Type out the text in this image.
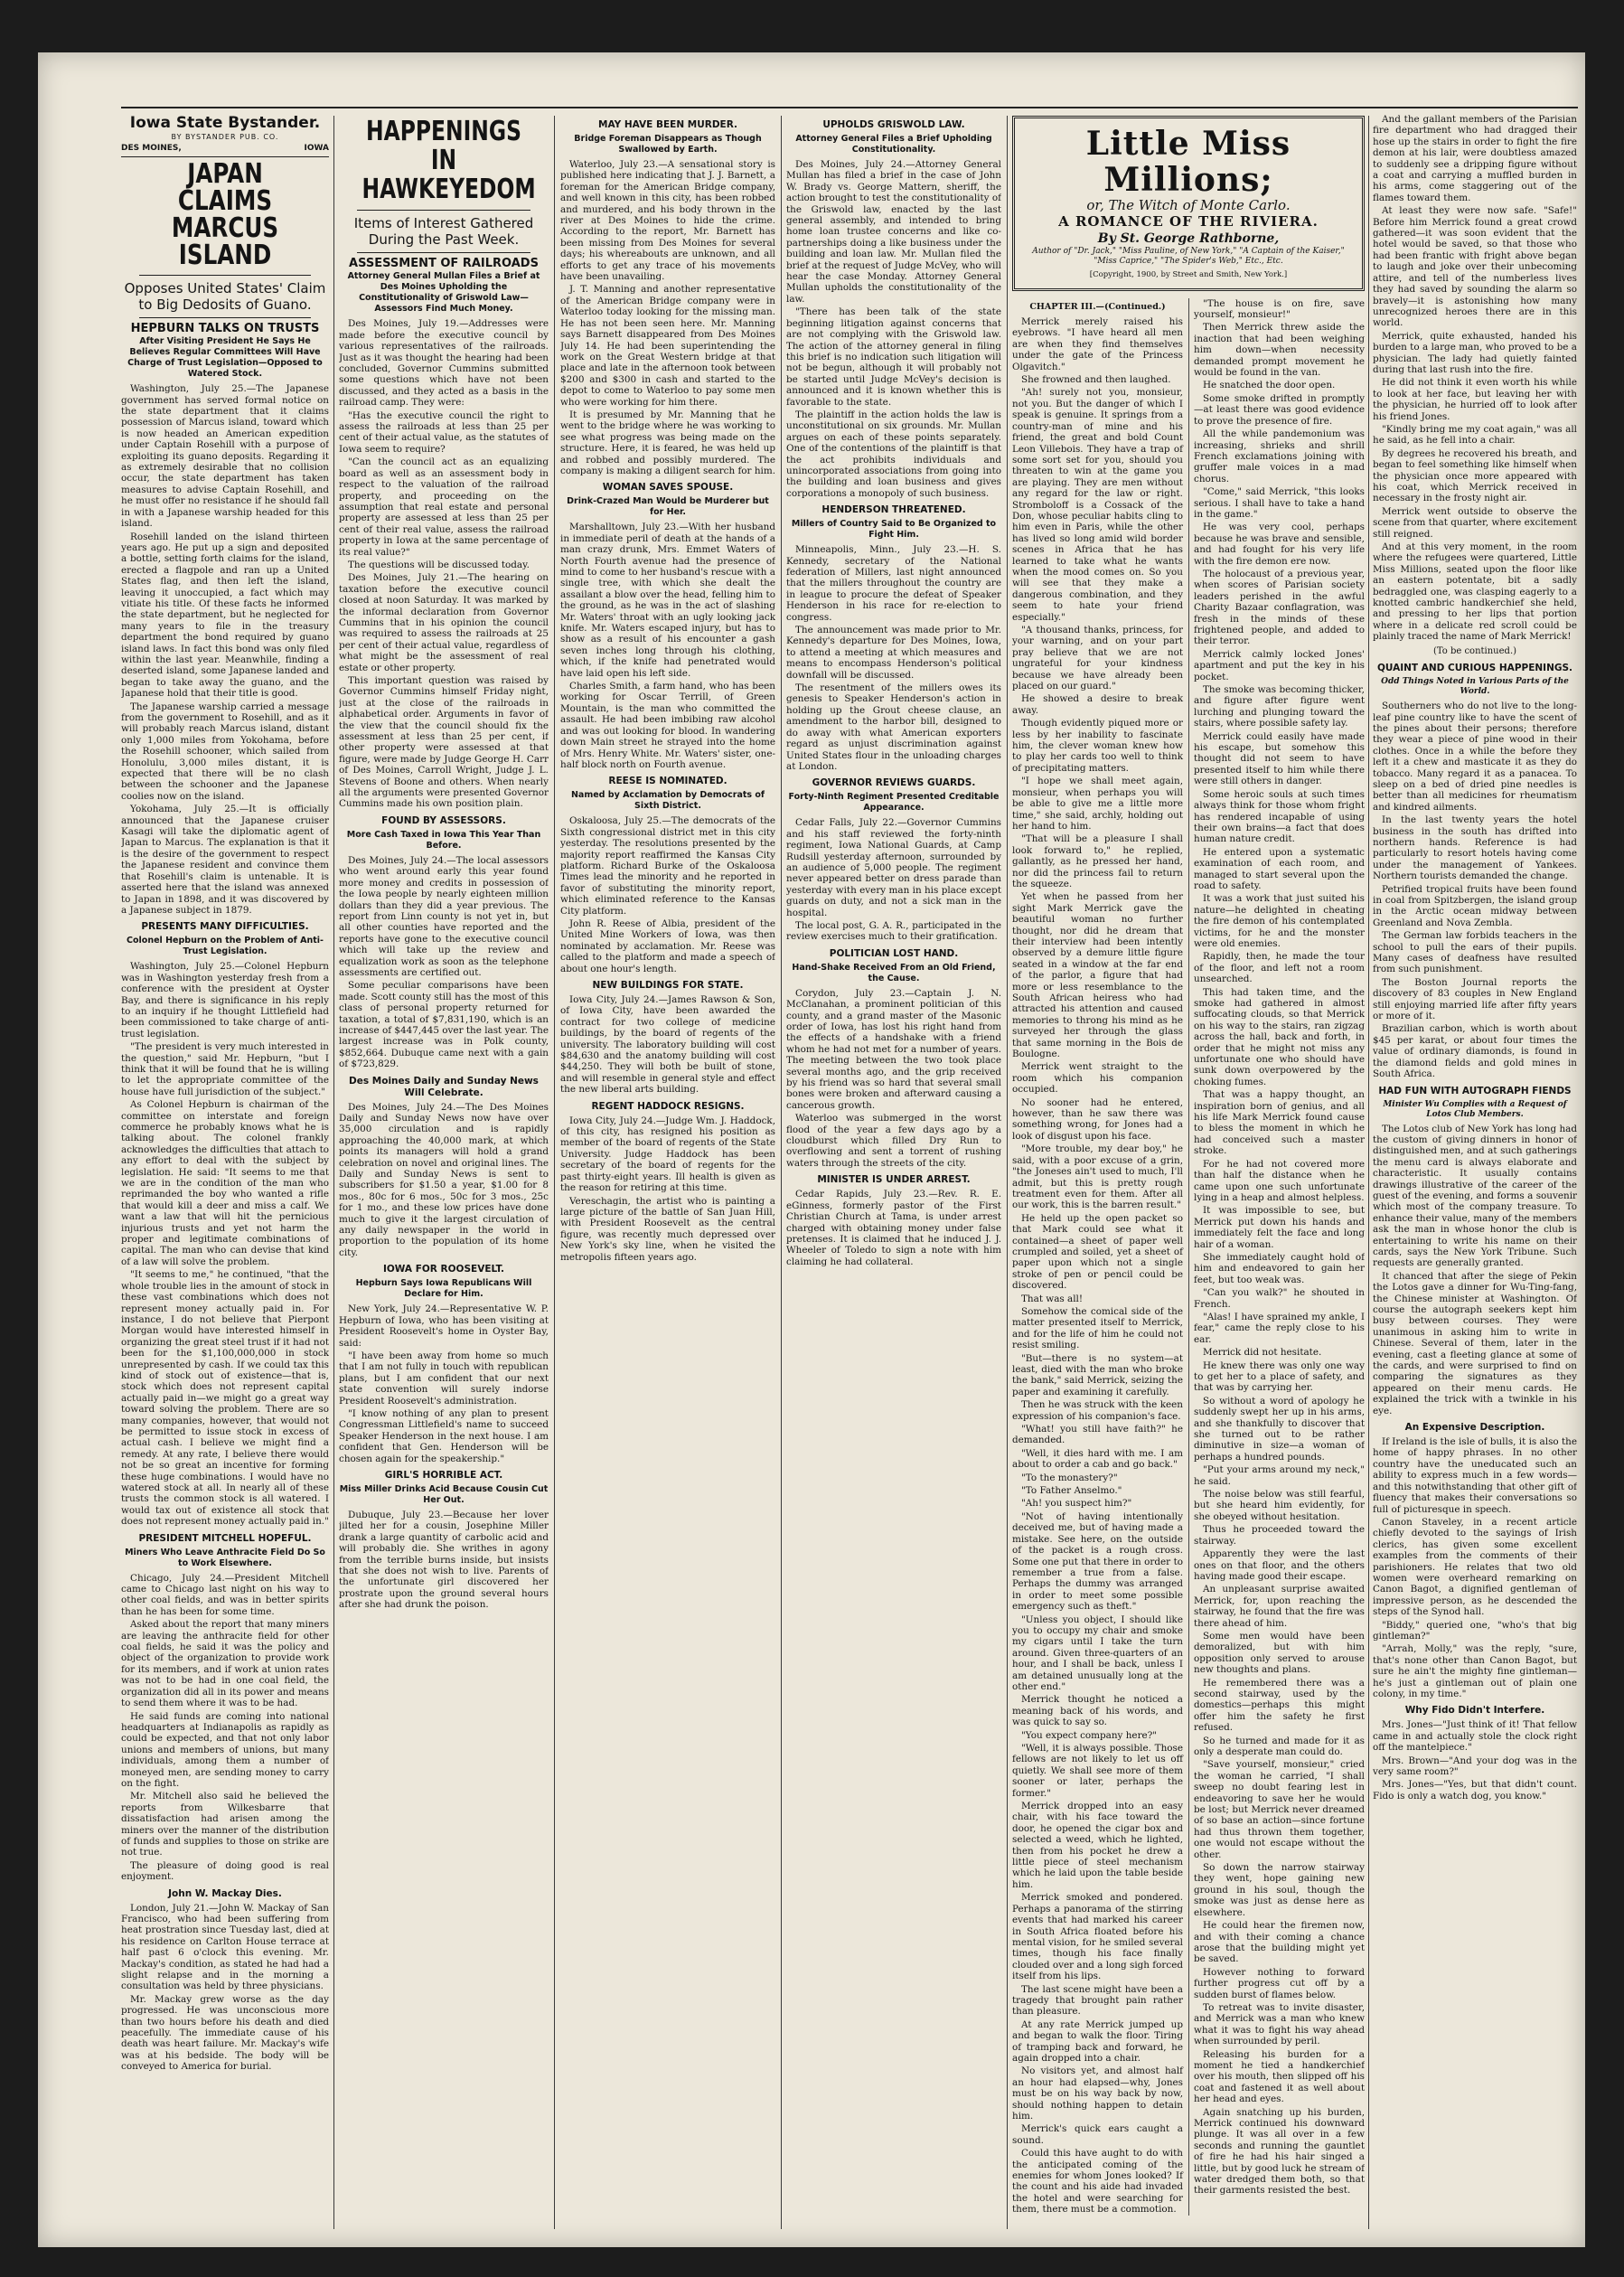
Iowa State Bystander.
BY BYSTANDER PUB. CO.
DES MOINES,	IOWA
JAPAN CLAIMS MARCUS ISLAND
Opposes United States' Claim to Big Dedosits of Guano.
HEPBURN TALKS ON TRUSTS
After Visiting President He Says He Believes Regular Committees Will Have Charge of Trust Legislation—Opposed to Watered Stock.

Washington, July 25.—The Japanese government has served formal notice on the state department that it claims possession of Marcus island, toward which is now headed an American expedition under Captain Rosehill with a purpose of exploiting its guano deposits. Regarding it as extremely desirable that no collision occur, the state department has taken measures to advise Captain Rosehill, and he must offer no resistance if he should fall in with a Japanese warship headed for this island.

Rosehill landed on the island thirteen years ago. He put up a sign and deposited a bottle, setting forth claims for the island, erected a flagpole and ran up a United States flag, and then left the island, leaving it unoccupied, a fact which may vitiate his title. Of these facts he informed the state department, but he neglected for many years to file in the treasury department the bond required by guano island laws. In fact this bond was only filed within the last year. Meanwhile, finding a deserted island, some Japanese landed and began to take away the guano, and the Japanese hold that their title is good.

The Japanese warship carried a message from the government to Rosehill, and as it will probably reach Marcus island, distant only 1,000 miles from Yokohama, before the Rosehill schooner, which sailed from Honolulu, 3,000 miles distant, it is expected that there will be no clash between the schooner and the Japanese coolies now on the island.

Yokohama, July 25.—It is officially announced that the Japanese cruiser Kasagi will take the diplomatic agent of Japan to Marcus. The explanation is that it is the desire of the government to respect the Japanese resident and convince them that Rosehill's claim is untenable. It is asserted here that the island was annexed to Japan in 1898, and it was discovered by a Japanese subject in 1879.

PRESENTS MANY DIFFICULTIES.
Colonel Hepburn on the Problem of Anti-Trust Legislation.

Washington, July 25.—Colonel Hepburn was in Washington yesterday fresh from a conference with the president at Oyster Bay, and there is significance in his reply to an inquiry if he thought Littlefield had been commissioned to take charge of anti-trust legislation.

"The president is very much interested in the question," said Mr. Hepburn, "but I think that it will be found that he is willing to let the appropriate committee of the house have full jurisdiction of the subject."

As Colonel Hepburn is chairman of the committee on interstate and foreign commerce he probably knows what he is talking about. The colonel frankly acknowledges the difficulties that attach to any effort to deal with the subject by legislation. He said: "It seems to me that we are in the condition of the man who reprimanded the boy who wanted a rifle that would kill a deer and miss a calf. We want a law that will hit the pernicious injurious trusts and yet not harm the proper and legitimate combinations of capital. The man who can devise that kind of a law will solve the problem.

"It seems to me," he continued, "that the whole trouble lies in the amount of stock in these vast combinations which does not represent money actually paid in. For instance, I do not believe that Pierpont Morgan would have interested himself in organizing the great steel trust if it had not been for the $1,100,000,000 in stock unrepresented by cash. If we could tax this kind of stock out of existence—that is, stock which does not represent capital actually paid in—we might go a great way toward solving the problem. There are so many companies, however, that would not be permitted to issue stock in excess of actual cash. I believe we might find a remedy. At any rate, I believe there would not be so great an incentive for forming these huge combinations. I would have no watered stock at all. In nearly all of these trusts the common stock is all watered. I would tax out of existence all stock that does not represent money actually paid in."

PRESIDENT MITCHELL HOPEFUL.
Miners Who Leave Anthracite Field Do So to Work Elsewhere.

Chicago, July 24.—President Mitchell came to Chicago last night on his way to other coal fields, and was in better spirits than he has been for some time.

Asked about the report that many miners are leaving the anthracite field for other coal fields, he said it was the policy and object of the organization to provide work for its members, and if work at union rates was not to be had in one coal field, the organization did all in its power and means to send them where it was to be had.

He said funds are coming into national headquarters at Indianapolis as rapidly as could be expected, and that not only labor unions and members of unions, but many individuals, among them a number of moneyed men, are sending money to carry on the fight.

Mr. Mitchell also said he believed the reports from Wilkesbarre that dissatisfaction had arisen among the miners over the manner of the distribution of funds and supplies to those on strike are not true.

The pleasure of doing good is real enjoyment.

John W. Mackay Dies.

London, July 21.—John W. Mackay of San Francisco, who had been suffering from heat prostration since Tuesday last, died at his residence on Carlton House terrace at half past 6 o'clock this evening. Mr. Mackay's condition, as stated he had had a slight relapse and in the morning a consultation was held by three physicians.

Mr. Mackay grew worse as the day progressed. He was unconscious more than two hours before his death and died peacefully. The immediate cause of his death was heart failure. Mr. Mackay's wife was at his bedside. The body will be conveyed to America for burial.

HAPPENINGS IN HAWKEYEDOM
Items of Interest Gathered During the Past Week.
ASSESSMENT OF RAILROADS
Attorney General Mullan Files a Brief at Des Moines Upholding the Constitutionality of Griswold Law—Assessors Find Much Money.

Des Moines, July 19.—Addresses were made before the executive council by various representatives of the railroads. Just as it was thought the hearing had been concluded, Governor Cummins submitted some questions which have not been discussed, and they acted as a basis in the railroad camp. They were:

"Has the executive council the right to assess the railroads at less than 25 per cent of their actual value, as the statutes of Iowa seem to require?

"Can the council act as an equalizing board as well as an assessment body in respect to the valuation of the railroad property, and proceeding on the assumption that real estate and personal property are assessed at less than 25 per cent of their real value, assess the railroad property in Iowa at the same percentage of its real value?"

The questions will be discussed today.

Des Moines, July 21.—The hearing on taxation before the executive council closed at noon Saturday. It was marked by the informal declaration from Governor Cummins that in his opinion the council was required to assess the railroads at 25 per cent of their actual value, regardless of what might be the assessment of real estate or other property.

This important question was raised by Governor Cummins himself Friday night, just at the close of the railroads in alphabetical order. Arguments in favor of the view that the council should fix the assessment at less than 25 per cent, if other property were assessed at that figure, were made by Judge George H. Carr of Des Moines, Carroll Wright, Judge J. L. Stevens of Boone and others. When nearly all the arguments were presented Governor Cummins made his own position plain.

FOUND BY ASSESSORS.
More Cash Taxed in Iowa This Year Than Before.

Des Moines, July 24.—The local assessors who went around early this year found more money and credits in possession of the Iowa people by nearly eighteen million dollars than they did a year previous. The report from Linn county is not yet in, but all other counties have reported and the reports have gone to the executive council which will take up the review and equalization work as soon as the telephone assessments are certified out.

Some peculiar comparisons have been made. Scott county still has the most of this class of personal property returned for taxation, a total of $7,831,190, which is an increase of $447,445 over the last year. The largest increase was in Polk county, $852,664. Dubuque came next with a gain of $723,829.

Des Moines Daily and Sunday News Will Celebrate.

Des Moines, July 24.—The Des Moines Daily and Sunday News now have over 35,000 circulation and is rapidly approaching the 40,000 mark, at which points its managers will hold a grand celebration on novel and original lines. The Daily and Sunday News is sent to subscribers for $1.50 a year, $1.00 for 8 mos., 80c for 6 mos., 50c for 3 mos., 25c for 1 mo., and these low prices have done much to give it the largest circulation of any daily newspaper in the world in proportion to the population of its home city.

IOWA FOR ROOSEVELT.
Hepburn Says Iowa Republicans Will Declare for Him.

New York, July 24.—Representative W. P. Hepburn of Iowa, who has been visiting at President Roosevelt's home in Oyster Bay, said:

"I have been away from home so much that I am not fully in touch with republican plans, but I am confident that our next state convention will surely indorse President Roosevelt's administration.

"I know nothing of any plan to present Congressman Littlefield's name to succeed Speaker Henderson in the next house. I am confident that Gen. Henderson will be chosen again for the speakership."

GIRL'S HORRIBLE ACT.
Miss Miller Drinks Acid Because Cousin Cut Her Out.

Dubuque, July 23.—Because her lover jilted her for a cousin, Josephine Miller drank a large quantity of carbolic acid and will probably die. She writhes in agony from the terrible burns inside, but insists that she does not wish to live. Parents of the unfortunate girl discovered her prostrate upon the ground several hours after she had drunk the poison.

MAY HAVE BEEN MURDER.
Bridge Foreman Disappears as Though Swallowed by Earth.

Waterloo, July 23.—A sensational story is published here indicating that J. J. Barnett, a foreman for the American Bridge company, and well known in this city, has been robbed and murdered, and his body thrown in the river at Des Moines to hide the crime. According to the report, Mr. Barnett has been missing from Des Moines for several days; his whereabouts are unknown, and all efforts to get any trace of his movements have been unavailing.

J. T. Manning and another representative of the American Bridge company were in Waterloo today looking for the missing man. He has not been seen here. Mr. Manning says Barnett disappeared from Des Moines July 14. He had been superintending the work on the Great Western bridge at that place and late in the afternoon took between $200 and $300 in cash and started to the depot to come to Waterloo to pay some men who were working for him there.

It is presumed by Mr. Manning that he went to the bridge where he was working to see what progress was being made on the structure. Here, it is feared, he was held up and robbed and possibly murdered. The company is making a diligent search for him.

WOMAN SAVES SPOUSE.
Drink-Crazed Man Would be Murderer but for Her.

Marshalltown, July 23.—With her husband in immediate peril of death at the hands of a man crazy drunk, Mrs. Emmet Waters of North Fourth avenue had the presence of mind to come to her husband's rescue with a single tree, with which she dealt the assailant a blow over the head, felling him to the ground, as he was in the act of slashing Mr. Waters' throat with an ugly looking jack knife. Mr. Waters escaped injury, but has to show as a result of his encounter a gash seven inches long through his clothing, which, if the knife had penetrated would have laid open his left side.

Charles Smith, a farm hand, who has been working for Oscar Terrill, of Green Mountain, is the man who committed the assault. He had been imbibing raw alcohol and was out looking for blood. In wandering down Main street he strayed into the home of Mrs. Henry White. Mr. Waters' sister, one-half block north on Fourth avenue.

REESE IS NOMINATED.
Named by Acclamation by Democrats of Sixth District.

Oskaloosa, July 25.—The democrats of the Sixth congressional district met in this city yesterday. The resolutions presented by the majority report reaffirmed the Kansas City platform. Richard Burke of the Oskaloosa Times lead the minority and he reported in favor of substituting the minority report, which eliminated reference to the Kansas City platform.

John R. Reese of Albia, president of the United Mine Workers of Iowa, was then nominated by acclamation. Mr. Reese was called to the platform and made a speech of about one hour's length.

NEW BUILDINGS FOR STATE.

Iowa City, July 24.—James Rawson & Son, of Iowa City, have been awarded the contract for two college of medicine buildings, by the board of regents of the university. The laboratory building will cost $84,630 and the anatomy building will cost $44,250. They will both be built of stone, and will resemble in general style and effect the new liberal arts building.

REGENT HADDOCK RESIGNS.

Iowa City, July 24.—Judge Wm. J. Haddock, of this city, has resigned his position as member of the board of regents of the State University. Judge Haddock has been secretary of the board of regents for the past thirty-eight years. Ill health is given as the reason for retiring at this time.

Vereschagin, the artist who is painting a large picture of the battle of San Juan Hill, with President Roosevelt as the central figure, was recently much depressed over New York's sky line, when he visited the metropolis fifteen years ago.

UPHOLDS GRISWOLD LAW.
Attorney General Files a Brief Upholding Constitutionality.

Des Moines, July 24.—Attorney General Mullan has filed a brief in the case of John W. Brady vs. George Mattern, sheriff, the action brought to test the constitutionality of the Griswold law, enacted by the last general assembly, and intended to bring home loan trustee concerns and like co-partnerships doing a like business under the building and loan law. Mr. Mullan filed the brief at the request of Judge McVey, who will hear the case Monday. Attorney General Mullan upholds the constitutionality of the law.

"There has been talk of the state beginning litigation against concerns that are not complying with the Griswold law. The action of the attorney general in filing this brief is no indication such litigation will not be begun, although it will probably not be started until Judge McVey's decision is announced and it is known whether this is favorable to the state.

The plaintiff in the action holds the law is unconstitutional on six grounds. Mr. Mullan argues on each of these points separately. One of the contentions of the plaintiff is that the act prohibits individuals and unincorporated associations from going into the building and loan business and gives corporations a monopoly of such business.

HENDERSON THREATENED.
Millers of Country Said to Be Organized to Fight Him.

Minneapolis, Minn., July 23.—H. S. Kennedy, secretary of the National federation of Millers, last night announced that the millers throughout the country are in league to procure the defeat of Speaker Henderson in his race for re-election to congress.

The announcement was made prior to Mr. Kennedy's departure for Des Moines, Iowa, to attend a meeting at which measures and means to encompass Henderson's political downfall will be discussed.

The resentment of the millers owes its genesis to Speaker Henderson's action in holding up the Grout cheese clause, an amendment to the harbor bill, designed to do away with what American exporters regard as unjust discrimination against United States flour in the unloading charges at London.

GOVERNOR REVIEWS GUARDS.
Forty-Ninth Regiment Presented Creditable Appearance.

Cedar Falls, July 22.—Governor Cummins and his staff reviewed the forty-ninth regiment, Iowa National Guards, at Camp Rudsill yesterday afternoon, surrounded by an audience of 5,000 people. The regiment never appeared better on dress parade than yesterday with every man in his place except guards on duty, and not a sick man in the hospital.

The local post, G. A. R., participated in the review exercises much to their gratification.

POLITICIAN LOST HAND.
Hand-Shake Received From an Old Friend, the Cause.

Corydon, July 23.—Captain J. N. McClanahan, a prominent politician of this county, and a grand master of the Masonic order of Iowa, has lost his right hand from the effects of a handshake with a friend whom he had not met for a number of years. The meeting between the two took place several months ago, and the grip received by his friend was so hard that several small bones were broken and afterward causing a cancerous growth.

Waterloo was submerged in the worst flood of the year a few days ago by a cloudburst which filled Dry Run to overflowing and sent a torrent of rushing waters through the streets of the city.

MINISTER IS UNDER ARREST.

Cedar Rapids, July 23.—Rev. R. E. eGinness, formerly pastor of the First Christian Church at Tama, is under arrest charged with obtaining money under false pretenses. It is claimed that he induced J. J. Wheeler of Toledo to sign a note with him claiming he had collateral.

Little Miss Millions;
or, The Witch of Monte Carlo.
A ROMANCE OF THE RIVIERA.
By St. George Rathborne,
Author of "Dr. Jack," "Miss Pauline, of New York," "A Captain of the Kaiser," "Miss Caprice," "The Spider's Web," Etc., Etc.
[Copyright, 1900, by Street and Smith, New York.]
CHAPTER III.—(Continued.)

Merrick merely raised his eyebrows. "I have heard all men are when they find themselves under the gate of the Princess Olgavitch."

She frowned and then laughed.

"Ah! surely not you, monsieur, not you. But the danger of which I speak is genuine. It springs from a country-man of mine and his friend, the great and bold Count Leon Villebois. They have a trap of some sort set for you, should you threaten to win at the game you are playing. They are men without any regard for the law or right. Stromboloff is a Cossack of the Don, whose peculiar habits cling to him even in Paris, while the other has lived so long amid wild border scenes in Africa that he has learned to take what he wants when the mood comes on. So you will see that they make a dangerous combination, and they seem to hate your friend especially."

"A thousand thanks, princess, for your warning, and on your part pray believe that we are not ungrateful for your kindness because we have already been placed on our guard."

He showed a desire to break away.

Though evidently piqued more or less by her inability to fascinate him, the clever woman knew how to play her cards too well to think of precipitating matters.

"I hope we shall meet again, monsieur, when perhaps you will be able to give me a little more time," she said, archly, holding out her hand to him.

"That will be a pleasure I shall look forward to," he replied, gallantly, as he pressed her hand, nor did the princess fail to return the squeeze.

Yet when he passed from her sight Mark Merrick gave the beautiful woman no further thought, nor did he dream that their interview had been intently observed by a demure little figure seated in a window at the far end of the parlor, a figure that had more or less resemblance to the South African heiress who had attracted his attention and caused memories to throng his mind as he surveyed her through the glass that same morning in the Bois de Boulogne.

Merrick went straight to the room which his companion occupied.

No sooner had he entered, however, than he saw there was something wrong, for Jones had a look of disgust upon his face.

"More trouble, my dear boy," he said, with a poor excuse of a grin, "the Joneses ain't used to much, I'll admit, but this is pretty rough treatment even for them. After all our work, this is the barren result."

He held up the open packet so that Mark could see what it contained—a sheet of paper well crumpled and soiled, yet a sheet of paper upon which not a single stroke of pen or pencil could be discovered.

That was all!

Somehow the comical side of the matter presented itself to Merrick, and for the life of him he could not resist smiling.

"But—there is no system—at least, died with the man who broke the bank," said Merrick, seizing the paper and examining it carefully.

Then he was struck with the keen expression of his companion's face.

"What! you still have faith?" he demanded.

"Well, it dies hard with me. I am about to order a cab and go back."

"To the monastery?"

"To Father Anselmo."

"Ah! you suspect him?"

"Not of having intentionally deceived me, but of having made a mistake. See here, on the outside of the packet is a rough cross. Some one put that there in order to remember a true from a false. Perhaps the dummy was arranged in order to meet some possible emergency such as theft."

"Unless you object, I should like you to occupy my chair and smoke my cigars until I take the turn around. Given three-quarters of an hour, and I shall be back, unless I am detained unusually long at the other end."

Merrick thought he noticed a meaning back of his words, and was quick to say so.

"You expect company here?"

"Well, it is always possible. Those fellows are not likely to let us off quietly. We shall see more of them sooner or later, perhaps the former."

Merrick dropped into an easy chair, with his face toward the door, he opened the cigar box and selected a weed, which he lighted, then from his pocket he drew a little piece of steel mechanism which he laid upon the table beside him.

Merrick smoked and pondered. Perhaps a panorama of the stirring events that had marked his career in South Africa floated before his mental vision, for he smiled several times, though his face finally clouded over and a long sigh forced itself from his lips.

The last scene might have been a tragedy that brought pain rather than pleasure.

At any rate Merrick jumped up and began to walk the floor. Tiring of tramping back and forward, he again dropped into a chair.

No visitors yet, and almost half an hour had elapsed—why, Jones must be on his way back by now, should nothing happen to detain him.

Merrick's quick ears caught a sound.

Could this have aught to do with the anticipated coming of the enemies for whom Jones looked? If the count and his aide had invaded the hotel and were searching for them, there must be a commotion.

"The house is on fire, save yourself, monsieur!"

Then Merrick threw aside the inaction that had been weighing him down—when necessity demanded prompt movement he would be found in the van.

He snatched the door open.

Some smoke drifted in promptly—at least there was good evidence to prove the presence of fire.

All the while pandemonium was increasing, shrieks and shrill French exclamations joining with gruffer male voices in a mad chorus.

"Come," said Merrick, "this looks serious. I shall have to take a hand in the game."

He was very cool, perhaps because he was brave and sensible, and had fought for his very life with the fire demon ere now.

The holocaust of a previous year, when scores of Parisian society leaders perished in the awful Charity Bazaar conflagration, was fresh in the minds of these frightened people, and added to their terror.

Merrick calmly locked Jones' apartment and put the key in his pocket.

The smoke was becoming thicker, and figure after figure went lurching and plunging toward the stairs, where possible safety lay.

Merrick could easily have made his escape, but somehow this thought did not seem to have presented itself to him while there were still others in danger.

Some heroic souls at such times always think for those whom fright has rendered incapable of using their own brains—a fact that does human nature credit.

He entered upon a systematic examination of each room, and managed to start several upon the road to safety.

It was a work that just suited his nature—he delighted in cheating the fire demon of his contemplated victims, for he and the monster were old enemies.

Rapidly, then, he made the tour of the floor, and left not a room unsearched.

This had taken time, and the smoke had gathered in almost suffocating clouds, so that Merrick on his way to the stairs, ran zigzag across the hall, back and forth, in order that he might not miss any unfortunate one who should have sunk down overpowered by the choking fumes.

That was a happy thought, an inspiration born of genius, and all his life Mark Merrick found cause to bless the moment in which he had conceived such a master stroke.

For he had not covered more than half the distance when he came upon one such unfortunate lying in a heap and almost helpless.

It was impossible to see, but Merrick put down his hands and immediately felt the face and long hair of a woman.

She immediately caught hold of him and endeavored to gain her feet, but too weak was.

"Can you walk?" he shouted in French.

"Alas! I have sprained my ankle, I fear," came the reply close to his ear.

Merrick did not hesitate.

He knew there was only one way to get her to a place of safety, and that was by carrying her.

So without a word of apology he suddenly swept her up in his arms, and she thankfully to discover that she turned out to be rather diminutive in size—a woman of perhaps a hundred pounds.

"Put your arms around my neck," he said.

The noise below was still fearful, but she heard him evidently, for she obeyed without hesitation.

Thus he proceeded toward the stairway.

Apparently they were the last ones on that floor, and the others having made good their escape.

An unpleasant surprise awaited Merrick, for, upon reaching the stairway, he found that the fire was there ahead of him.

Some men would have been demoralized, but with him opposition only served to arouse new thoughts and plans.

He remembered there was a second stairway, used by the domestics—perhaps this might offer him the safety he first refused.

So he turned and made for it as only a desperate man could do.

"Save yourself, monsieur," cried the woman he carried, "I shall sweep no doubt fearing lest in endeavoring to save her he would be lost; but Merrick never dreamed of so base an action—since fortune had thus thrown them together, one would not escape without the other.

So down the narrow stairway they went, hope gaining new ground in his soul, though the smoke was just as dense here as elsewhere.

He could hear the firemen now, and with their coming a chance arose that the building might yet be saved.

However nothing to forward further progress cut off by a sudden burst of flames below.

To retreat was to invite disaster, and Merrick was a man who knew what it was to fight his way ahead when surrounded by peril.

Releasing his burden for a moment he tied a handkerchief over his mouth, then slipped off his coat and fastened it as well about her head and eyes.

Again snatching up his burden, Merrick continued his downward plunge. It was all over in a few seconds and running the gauntlet of fire he had his hair singed a little, but by good luck he stream of water dredged them both, so that their garments resisted the best.

And the gallant members of the Parisian fire department who had dragged their hose up the stairs in order to fight the fire demon at his lair, were doubtless amazed to suddenly see a dripping figure without a coat and carrying a muffled burden in his arms, come staggering out of the flames toward them.

At least they were now safe. "Safe!" Before him Merrick found a great crowd gathered—it was soon evident that the hotel would be saved, so that those who had been frantic with fright above began to laugh and joke over their unbecoming attire, and tell of the numberless lives they had saved by sounding the alarm so bravely—it is astonishing how many unrecognized heroes there are in this world.

Merrick, quite exhausted, handed his burden to a large man, who proved to be a physician. The lady had quietly fainted during that last rush into the fire.

He did not think it even worth his while to look at her face, but leaving her with the physician, he hurried off to look after his friend Jones.

"Kindly bring me my coat again," was all he said, as he fell into a chair.

By degrees he recovered his breath, and began to feel something like himself when the physician once more appeared with his coat, which Merrick received in necessary in the frosty night air.

Merrick went outside to observe the scene from that quarter, where excitement still reigned.

And at this very moment, in the room where the refugees were quartered, Little Miss Millions, seated upon the floor like an eastern potentate, bit a sadly bedraggled one, was clasping eagerly to a knotted cambric handkerchief she held, and pressing to her lips that portion where in a delicate red scroll could be plainly traced the name of Mark Merrick!

(To be continued.)
QUAINT AND CURIOUS HAPPENINGS.
Odd Things Noted in Various Parts of the World.

Southerners who do not live to the long-leaf pine country like to have the scent of the pines about their persons; therefore they wear a piece of pine wood in their clothes. Once in a while the before they left it a chew and masticate it as they do tobacco. Many regard it as a panacea. To sleep on a bed of dried pine needles is better than all medicines for rheumatism and kindred ailments.

In the last twenty years the hotel business in the south has drifted into northern hands. Reference is had particularly to resort hotels having come under the management of Yankees. Northern tourists demanded the change.

Petrified tropical fruits have been found in coal from Spitzbergen, the island group in the Arctic ocean midway between Greenland and Nova Zembla.

The German law forbids teachers in the school to pull the ears of their pupils. Many cases of deafness have resulted from such punishment.

The Boston Journal reports the discovery of 83 couples in New England still enjoying married life after fifty years or more of it.

Brazilian carbon, which is worth about $45 per karat, or about four times the value of ordinary diamonds, is found in the diamond fields and gold mines in South Africa.

HAD FUN WITH AUTOGRAPH FIENDS
Minister Wu Complies with a Request of Lotos Club Members.

The Lotos club of New York has long had the custom of giving dinners in honor of distinguished men, and at such gatherings the menu card is always elaborate and characteristic. It usually contains drawings illustrative of the career of the guest of the evening, and forms a souvenir which most of the company treasure. To enhance their value, many of the members ask the man in whose honor the club is entertaining to write his name on their cards, says the New York Tribune. Such requests are generally granted.

It chanced that after the siege of Pekin the Lotos gave a dinner for Wu-Ting-fang, the Chinese minister at Washington. Of course the autograph seekers kept him busy between courses. They were unanimous in asking him to write in Chinese. Several of them, later in the evening, cast a fleeting glance at some of the cards, and were surprised to find on comparing the signatures as they appeared on their menu cards. He explained the trick with a twinkle in his eye.

An Expensive Description.

If Ireland is the isle of bulls, it is also the home of happy phrases. In no other country have the uneducated such an ability to express much in a few words—and this notwithstanding that other gift of fluency that makes their conversations so full of picturesque in speech.

Canon Staveley, in a recent article chiefly devoted to the sayings of Irish clerics, has given some excellent examples from the comments of their parishioners. He relates that two old women were overheard remarking on Canon Bagot, a dignified gentleman of impressive person, as he descended the steps of the Synod hall.

"Biddy," queried one, "who's that big gintleman?"

"Arrah, Molly," was the reply, "sure, that's none other than Canon Bagot, but sure he ain't the mighty fine gintleman—he's just a gintleman out of plain one colony, in my time."

Why Fido Didn't Interfere.

Mrs. Jones—"Just think of it! That fellow came in and actually stole the clock right off the mantelpiece."

Mrs. Brown—"And your dog was in the very same room?"

Mrs. Jones—"Yes, but that didn't count. Fido is only a watch dog, you know."
